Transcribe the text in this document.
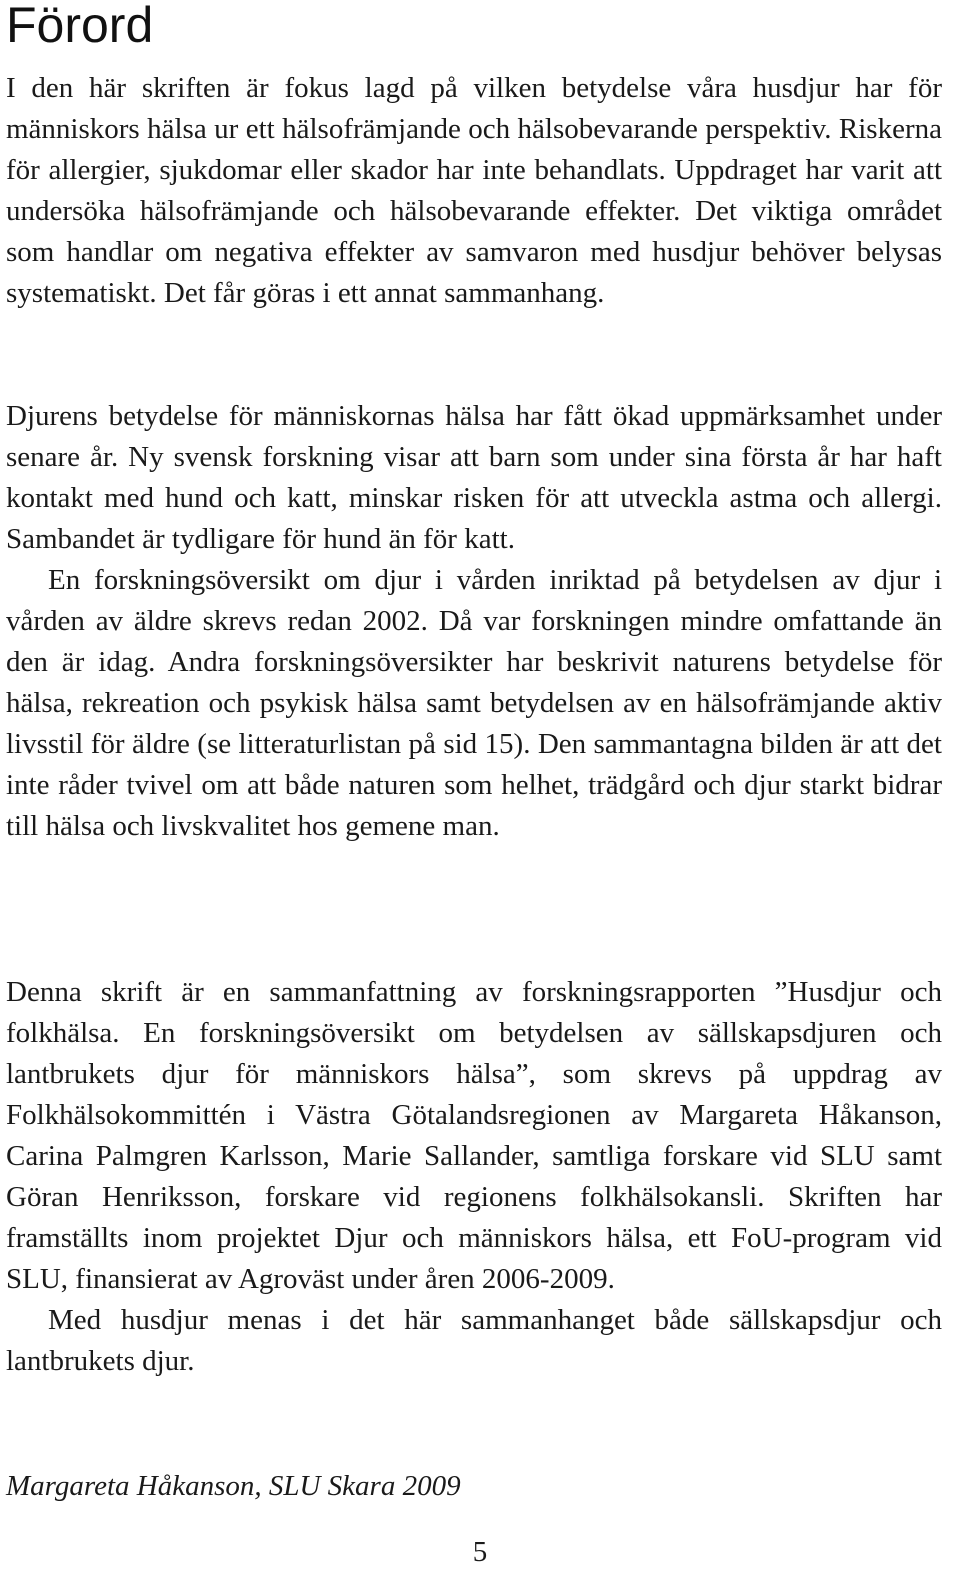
Förord

I den här skriften är fokus lagd på vilken betydelse våra husdjur har för människors hälsa ur ett hälsofrämjande och hälsobevarande perspektiv. Riskerna för allergier, sjukdomar eller skador har inte behandlats. Uppdraget har varit att undersöka hälsofrämjande och hälsobevarande effekter. Det viktiga området som handlar om negativa effekter av samvaron med husdjur behöver belysas systematiskt. Det får göras i ett annat sammanhang.

Djurens betydelse för människornas hälsa har fått ökad uppmärksamhet under senare år. Ny svensk forskning visar att barn som under sina första år har haft kontakt med hund och katt, minskar risken för att utveckla astma och allergi. Sambandet är tydligare för hund än för katt.

En forskningsöversikt om djur i vården inriktad på betydelsen av djur i vården av äldre skrevs redan 2002. Då var forskningen mindre omfattande än den är idag. Andra forskningsöversikter har beskrivit naturens betydelse för hälsa, rekreation och psykisk hälsa samt betydelsen av en hälsofrämjande aktiv livsstil för äldre (se litteraturlistan på sid 15). Den sammantagna bilden är att det inte råder tvivel om att både naturen som helhet, trädgård och djur starkt bidrar till hälsa och livskvalitet hos gemene man.

Denna skrift är en sammanfattning av forskningsrapporten ”Husdjur och folkhälsa. En forskningsöversikt om betydelsen av sällskapsdjuren och lantbrukets djur för människors hälsa”, som skrevs på uppdrag av Folkhälsokommittén i Västra Götalandsregionen av Margareta Håkanson, Carina Palmgren Karlsson, Marie Sallander, samtliga forskare vid SLU samt Göran Henriksson, forskare vid regionens folkhälsokansli. Skriften har framställts inom projektet Djur och människors hälsa, ett FoU-program vid SLU, finansierat av Agroväst under åren 2006-2009.

Med husdjur menas i det här sammanhanget både sällskapsdjur och lantbrukets djur.

Margareta Håkanson, SLU Skara 2009

5
